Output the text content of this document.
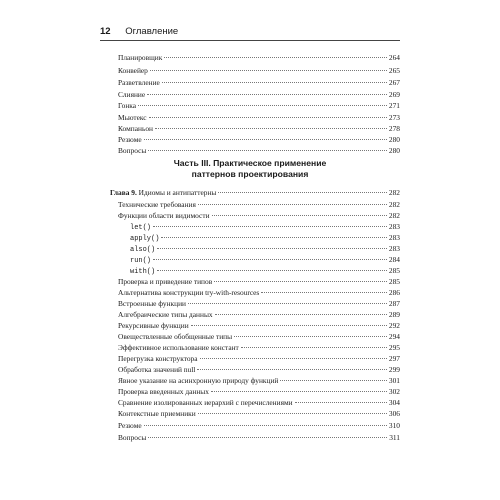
12 Оглавление
Планировщик	264
Конвейер	265
Разветвление	267
Слияние	269
Гонка	271
Мьютекс	273
Компаньон	278
Резюме	280
Вопросы	280
Часть III. Практическое применение
паттернов проектирования
Глава 9. Идиомы и антипаттерны	282
Технические требования	282
Функции области видимости	282
let()	283
apply()	283
also()	283
run()	284
with()	285
Проверка и приведение типов	285
Альтернатива конструкции try-with-resources	286
Встроенные функции	287
Алгебраические типы данных	289
Рекурсивные функции	292
Овеществленные обобщенные типы	294
Эффективное использование констант	295
Перегрузка конструктора	297
Обработка значений null	299
Явное указание на асинхронную природу функций	301
Проверка введенных данных	302
Сравнение изолированных иерархий с перечислениями	304
Контекстные приемники	306
Резюме	310
Вопросы	311
